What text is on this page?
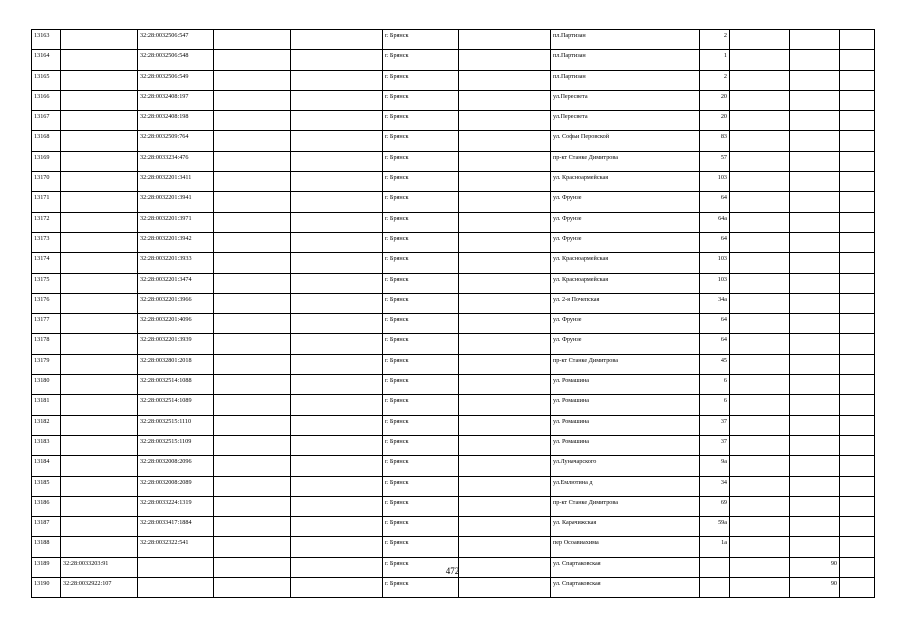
13163		32:28:0032506:547			г. Брянск		пл.Партизан	2			
13164		32:28:0032506:548			г. Брянск		пл.Партизан	1			
13165		32:28:0032506:549			г. Брянск		пл.Партизан	2			
13166		32:28:0032408:197			г. Брянск		ул.Пересвета	20			
13167		32:28:0032408:198			г. Брянск		ул.Пересвета	20			
13168		32:28:0032509:764			г. Брянск		ул. Софьи Перовской	83			
13169		32:28:0033234:476			г. Брянск		пр-кт Станке Димитрова	57			
13170		32:28:0032201:3411			г. Брянск		ул. Красноармейская	103			
13171		32:28:0032201:3941			г. Брянск		ул. Фрунзе	64			
13172		32:28:0032201:3971			г. Брянск		ул. Фрунзе	64а			
13173		32:28:0032201:3942			г. Брянск		ул. Фрунзе	64			
13174		32:28:0032201:3933			г. Брянск		ул. Красноармейская	103			
13175		32:28:0032201:3474			г. Брянск		ул. Красноармейская	103			
13176		32:28:0032201:3966			г. Брянск		ул. 2-я Почепская	34а			
13177		32:28:0032201:4096			г. Брянск		ул. Фрунзе	64			
13178		32:28:0032201:3939			г. Брянск		ул. Фрунзе	64			
13179		32:28:0032801:2018			г. Брянск		пр-кт Станке Димитрова	45			
13180		32:28:0032514:1088			г. Брянск		ул. Ромашина	6			
13181		32:28:0032514:1089			г. Брянск		ул. Ромашина	6			
13182		32:28:0032515:1110			г. Брянск		ул. Ромашина	37			
13183		32:28:0032515:1109			г. Брянск		ул. Ромашина	37			
13184		32:28:0032008:2096			г. Брянск		ул.Луначарского	9а			
13185		32:28:0032008:2089			г. Брянск		ул.Емлютина д	34			
13186		32:28:0033224:1319			г. Брянск		пр-кт Станке Димитрова	69			
13187		32:28:0033417:1884			г. Брянск		ул. Карачижская	59а			
13188		32:28:0032322:541			г. Брянск		пер Осоавиахима	1а			
13189	32:28:0033203:91				г. Брянск		ул. Спартаковская			90	
13190	32:28:0032922:107				г. Брянск		ул. Спартаковская			90	
472
